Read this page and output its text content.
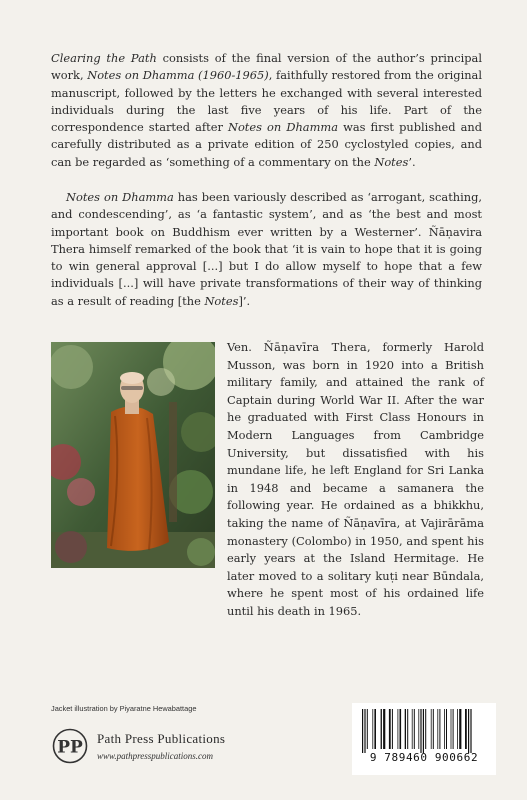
Clearing the Path consists of the final version of the author’s principal work, Notes on Dhamma (1960-1965), faithfully restored from the original manuscript, followed by the letters he exchanged with several interested individuals during the last five years of his life. Part of the correspondence started after Notes on Dhamma was first published and carefully distributed as a private edition of 250 cyclostyled copies, and can be regarded as ‘something of a commentary on the Notes’.

Notes on Dhamma has been variously described as ‘arrogant, scathing, and condescending’, as ‘a fantastic system’, and as ‘the best and most important book on Buddhism ever written by a Westerner’. Ñāṇavira Thera himself remarked of the book that ‘it is vain to hope that it is going to win general approval [...] but I do allow myself to hope that a few individuals [...] will have private transformations of their way of thinking as a result of reading [the Notes]’.

Ven. Ñāṇavīra Thera, formerly Harold Musson, was born in 1920 into a British military family, and attained the rank of Captain during World War II. After the war he graduated with First Class Honours in Modern Languages from Cambridge University, but dissatisfied with his mundane life, he left England for Sri Lanka in 1948 and became a samanera the following year. He ordained as a bhikkhu, taking the name of Ñāṇavīra, at Vajirārāma monastery (Colombo) in 1950, and spent his early years at the Island Hermitage. He later moved to a solitary kuṭi near Būndala, where he spent most of his ordained life until his death in 1965.

Jacket illustration by Piyaratne Hewabattage
PP Path Press Publications
www.pathpresspublications.com	9 789460 900662
